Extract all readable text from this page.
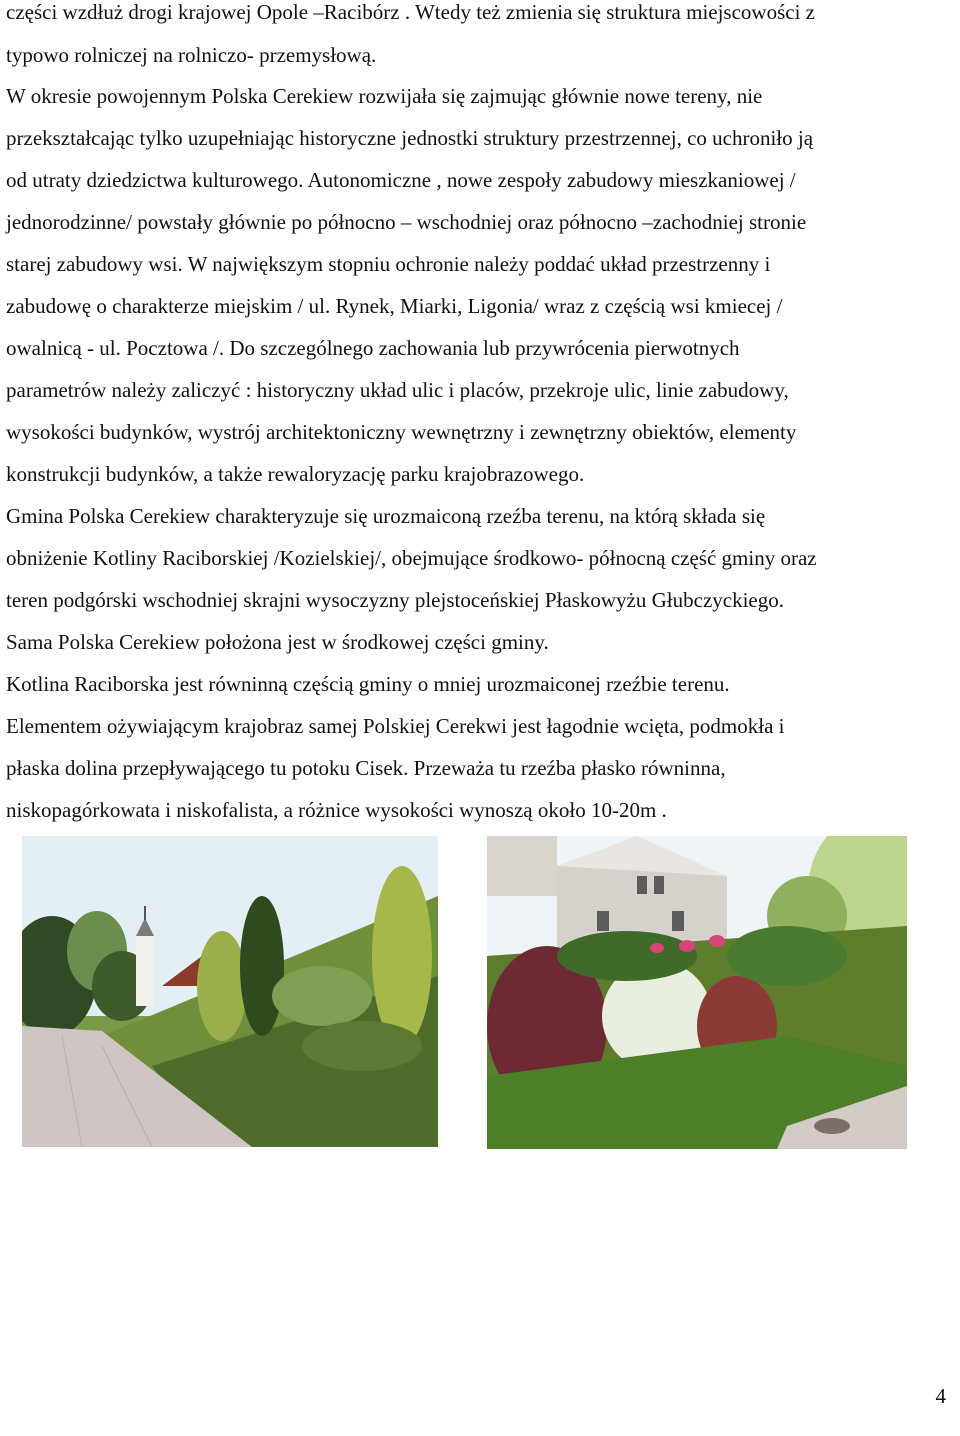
części wzdłuż drogi krajowej Opole –Racibórz . Wtedy też zmienia się struktura miejscowości z
typowo rolniczej na rolniczo- przemysłową.
W okresie powojennym Polska Cerekiew rozwijała się zajmując głównie nowe tereny, nie
przekształcając tylko uzupełniając historyczne jednostki struktury przestrzennej, co uchroniło ją
od utraty dziedzictwa kulturowego. Autonomiczne , nowe zespoły zabudowy mieszkaniowej /
jednorodzinne/ powstały głównie po północno – wschodniej oraz północno –zachodniej stronie
starej zabudowy wsi. W największym stopniu ochronie należy poddać układ przestrzenny i
zabudowę o charakterze miejskim / ul. Rynek, Miarki, Ligonia/ wraz z częścią wsi kmiecej /
owalnicą - ul. Pocztowa /. Do szczególnego zachowania lub przywrócenia pierwotnych
parametrów należy zaliczyć : historyczny układ ulic i placów, przekroje ulic, linie zabudowy,
wysokości budynków, wystrój architektoniczny wewnętrzny i zewnętrzny obiektów, elementy
konstrukcji budynków, a także rewaloryzację parku krajobrazowego.
Gmina Polska Cerekiew charakteryzuje się urozmaiconą rzeźba terenu, na którą składa się
obniżenie Kotliny Raciborskiej /Kozielskiej/, obejmujące środkowo- północną część gminy oraz
teren podgórski wschodniej skrajni wysoczyzny plejstoceńskiej Płaskowyżu Głubczyckiego.
Sama Polska Cerekiew położona jest w środkowej części gminy.
Kotlina Raciborska jest równinną częścią gminy o mniej urozmaiconej rzeźbie terenu.
Elementem ożywiającym krajobraz samej Polskiej Cerekwi jest łagodnie wcięta, podmokła i
płaska dolina przepływającego tu potoku Cisek. Przeważa tu rzeźba płasko równinna,
niskopagórkowata i niskofalista, a różnice wysokości wynoszą około 10-20m .
4
